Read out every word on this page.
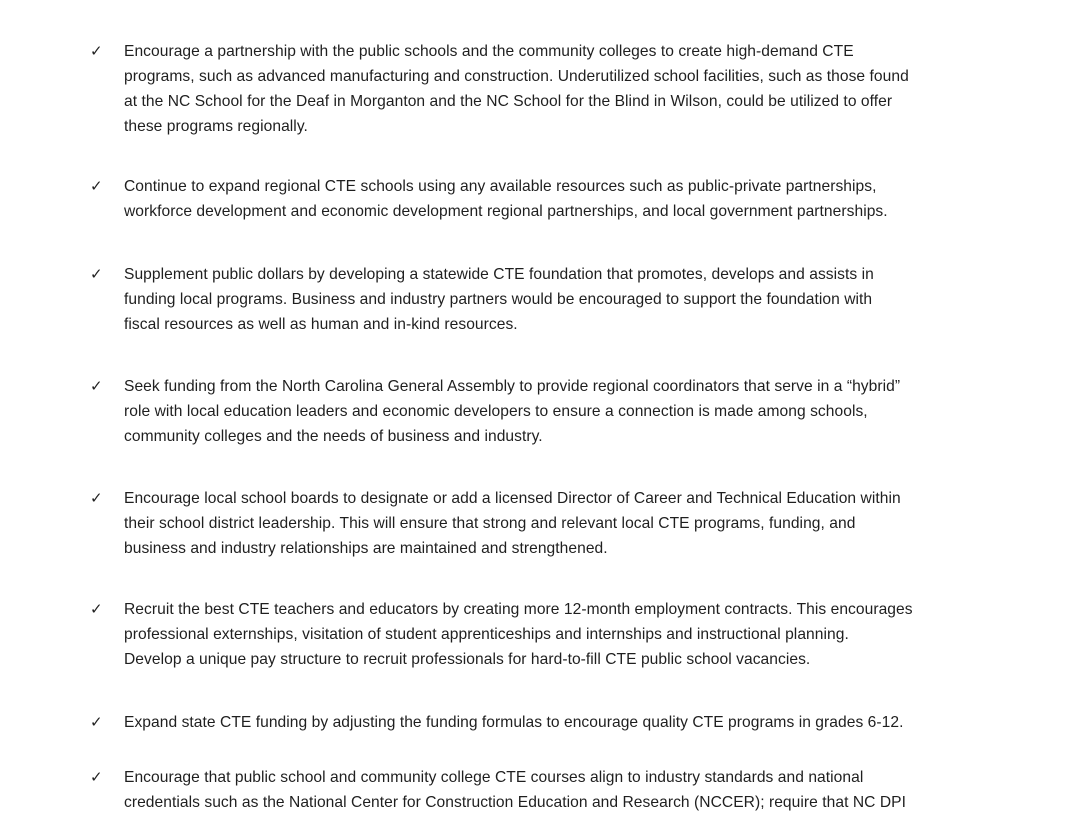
✓ Encourage a partnership with the public schools and the community colleges to create high-demand CTE
programs, such as advanced manufacturing and construction. Underutilized school facilities, such as those found
at the NC School for the Deaf in Morganton and the NC School for the Blind in Wilson, could be utilized to offer
these programs regionally.
✓ Continue to expand regional CTE schools using any available resources such as public-private partnerships,
workforce development and economic development regional partnerships, and local government partnerships.
✓ Supplement public dollars by developing a statewide CTE foundation that promotes, develops and assists in
funding local programs. Business and industry partners would be encouraged to support the foundation with
fiscal resources as well as human and in-kind resources.
✓ Seek funding from the North Carolina General Assembly to provide regional coordinators that serve in a “hybrid”
role with local education leaders and economic developers to ensure a connection is made among schools,
community colleges and the needs of business and industry.
✓ Encourage local school boards to designate or add a licensed Director of Career and Technical Education within
their school district leadership. This will ensure that strong and relevant local CTE programs, funding, and
business and industry relationships are maintained and strengthened.
✓ Recruit the best CTE teachers and educators by creating more 12-month employment contracts. This encourages
professional externships, visitation of student apprenticeships and internships and instructional planning.
Develop a unique pay structure to recruit professionals for hard-to-fill CTE public school vacancies.
✓ Expand state CTE funding by adjusting the funding formulas to encourage quality CTE programs in grades 6-12.
✓ Encourage that public school and community college CTE courses align to industry standards and national
credentials such as the National Center for Construction Education and Research (NCCER); require that NC DPI
